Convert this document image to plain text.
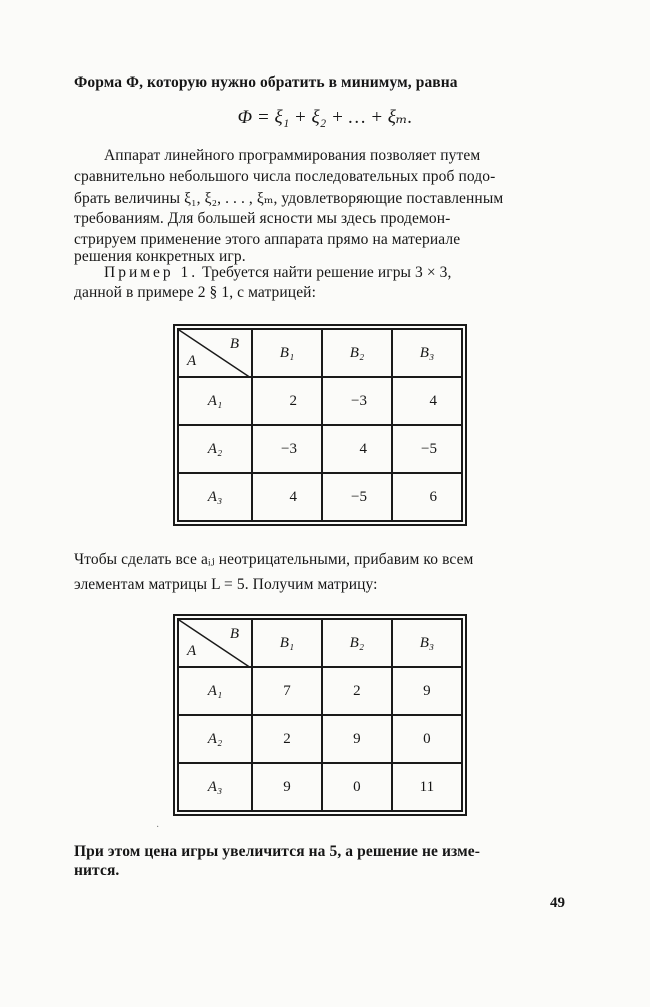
Форма Φ, которую нужно обратить в минимум, равна
Φ = ξ₁ + ξ₂ + … + ξₘ.
Аппарат линейного программирования позволяет путем
сравнительно небольшого числа последовательных проб подо-
брать величины ξ₁, ξ₂, . . . , ξₘ, удовлетворяющие поставленным
требованиям. Для большей ясности мы здесь продемон-
стрируем применение этого аппарата прямо на материале
решения конкретных игр.
Пример 1. Требуется найти решение игры 3 × 3,
данной в примере 2 § 1, с матрицей:
B
A	B₁	B₂	B₃
A₁	2	−3	4
A₂	−3	4	−5
A₃	4	−5	6
Чтобы сделать все aᵢⱼ неотрицательными, прибавим ко всем
элементам матрицы L = 5. Получим матрицу:
B
A	B₁	B₂	B₃
A₁	7	2	9
A₂	2	9	0
A₃	9	0	11
·
При этом цена игры увеличится на 5, а решение не изме-
нится.
49
